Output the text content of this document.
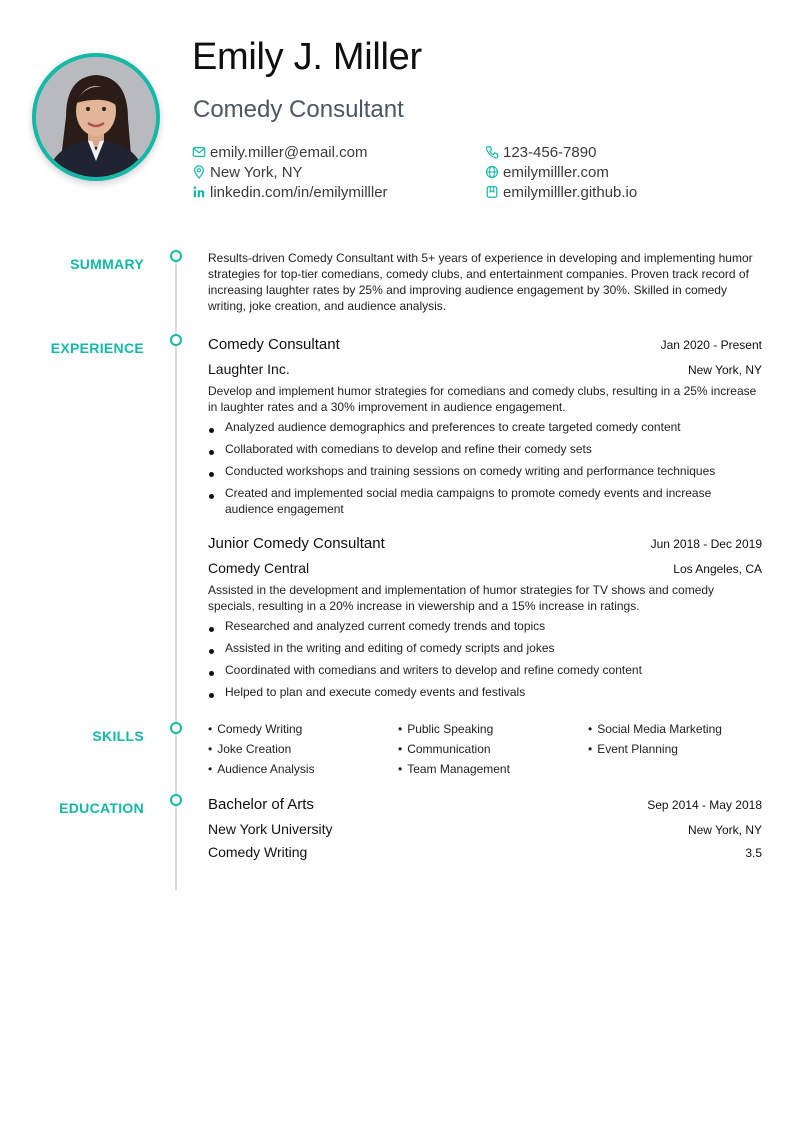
Emily J. Miller
Comedy Consultant
emily.miller@email.com	123-456-7890
New York, NY	emilymilller.com
linkedin.com/in/emilymilller	emilymilller.github.io
SUMMARY	Results-driven Comedy Consultant with 5+ years of experience in developing and implementing humor strategies for top-tier comedians, comedy clubs, and entertainment companies. Proven track record of increasing laughter rates by 25% and improving audience engagement by 30%. Skilled in comedy writing, joke creation, and audience analysis.
EXPERIENCE	Comedy Consultant	Jan 2020 - Present
Laughter Inc.	New York, NY
Develop and implement humor strategies for comedians and comedy clubs, resulting in a 25% increase in laughter rates and a 30% improvement in audience engagement.
Analyzed audience demographics and preferences to create targeted comedy content
Collaborated with comedians to develop and refine their comedy sets
Conducted workshops and training sessions on comedy writing and performance techniques
Created and implemented social media campaigns to promote comedy events and increase audience engagement
Junior Comedy Consultant	Jun 2018 - Dec 2019
Comedy Central	Los Angeles, CA
Assisted in the development and implementation of humor strategies for TV shows and comedy specials, resulting in a 20% increase in viewership and a 15% increase in ratings.
Researched and analyzed current comedy trends and topics
Assisted in the writing and editing of comedy scripts and jokes
Coordinated with comedians and writers to develop and refine comedy content
Helped to plan and execute comedy events and festivals
SKILLS	• Comedy Writing	• Public Speaking	• Social Media Marketing
• Joke Creation	• Communication	• Event Planning
• Audience Analysis	• Team Management
EDUCATION	Bachelor of Arts	Sep 2014 - May 2018
New York University	New York, NY
Comedy Writing	3.5
